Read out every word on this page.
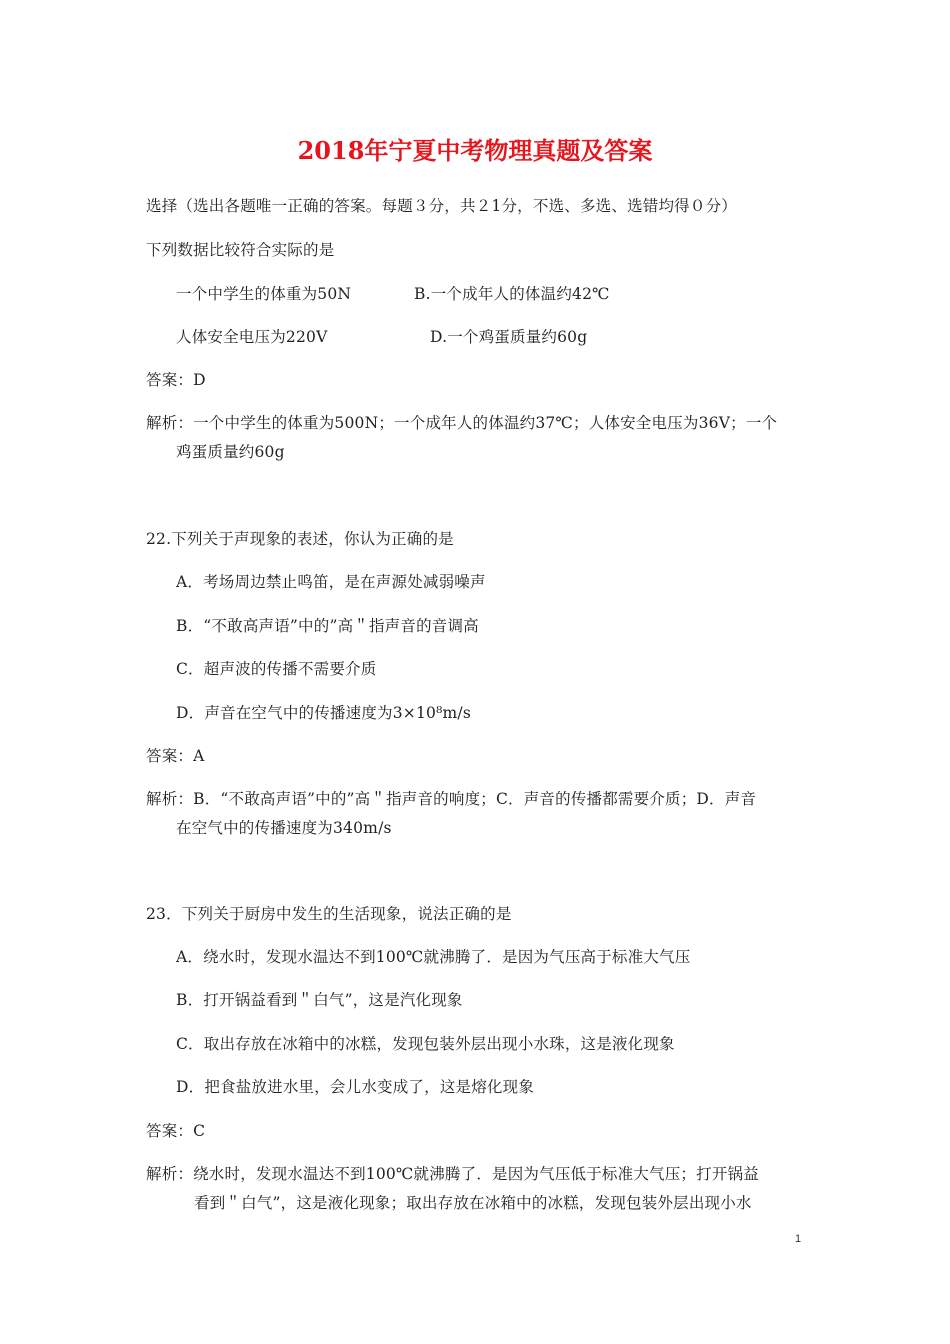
2018年宁夏中考物理真题及答案
选择（选出各题唯一正确的答案。每题３分，共２1分，不选、多选、选错均得０分）
下列数据比较符合实际的是
一个中学生的体重为50N	B.一个成年人的体温约42℃
人体安全电压为220V	D.一个鸡蛋质量约60g
答案：D
解析：一个中学生的体重为500N；一个成年人的体温约37℃；人体安全电压为36V；一个
鸡蛋质量约60g
22.下列关于声现象的表述，你认为正确的是
A．考场周边禁止鸣笛，是在声源处减弱噪声
B．“不敢高声语”中的”高＂指声音的音调高
C．超声波的传播不需要介质
D．声音在空气中的传播速度为3×10⁸m/s
答案：A
解析：B．“不敢高声语”中的”高＂指声音的响度；C．声音的传播都需要介质；D．声音
在空气中的传播速度为340m/s
23．下列关于厨房中发生的生活现象，说法正确的是
A．绕水时，发现水温达不到100℃就沸腾了．是因为气压高于标准大气压
B．打开锅益看到＂白气”，这是汽化现象
C．取出存放在冰箱中的冰糕，发现包装外层出现小水珠，这是液化现象
D．把食盐放进水里，会儿水变成了，这是熔化现象
答案：C
解析：绕水时，发现水温达不到100℃就沸腾了．是因为气压低于标准大气压；打开锅益
看到＂白气”，这是液化现象；取出存放在冰箱中的冰糕，发现包装外层出现小水
1
